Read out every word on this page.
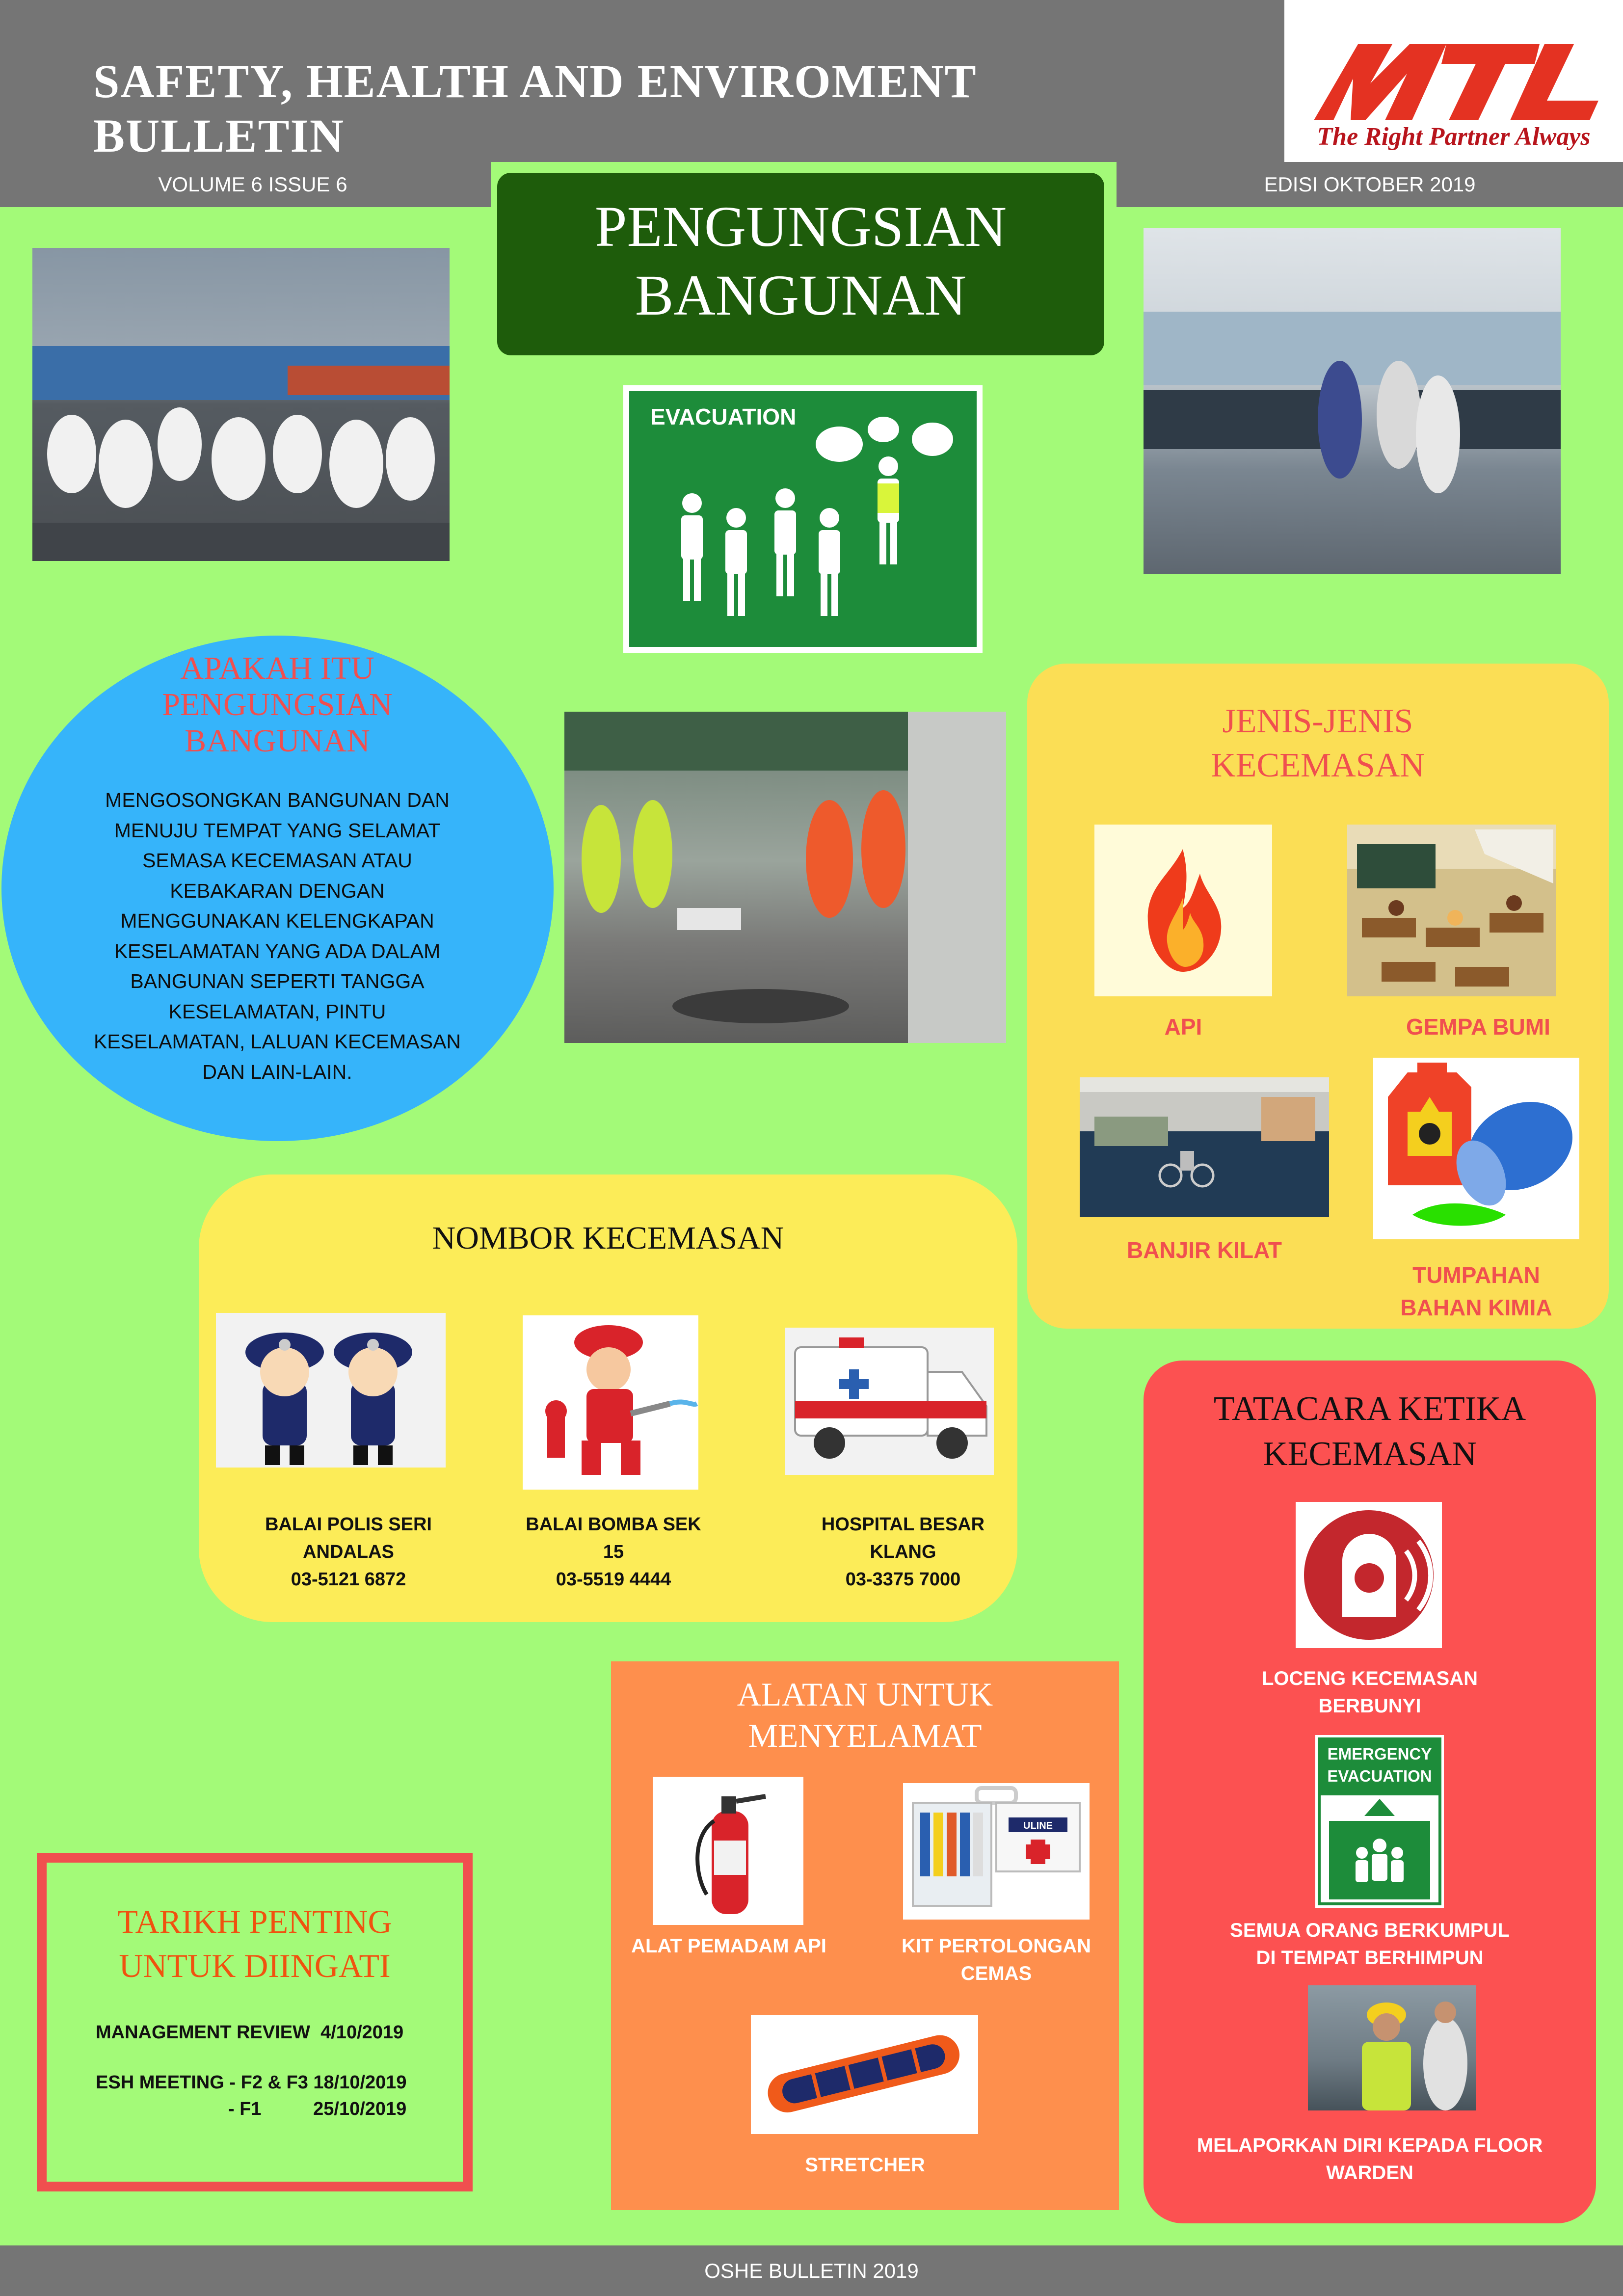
SAFETY, HEALTH AND ENVIROMENT BULLETIN	The Right Partner Always
VOLUME 6 ISSUE 6	EDISI OKTOBER 2019
PENGUNGSIAN
BANGUNAN
EVACUATION
APAKAH ITU
PENGUNGSIAN
BANGUNAN
MENGOSONGKAN BANGUNAN DAN
MENUJU TEMPAT YANG SELAMAT
SEMASA KECEMASAN ATAU
KEBAKARAN DENGAN
MENGGUNAKAN KELENGKAPAN
KESELAMATAN YANG ADA DALAM
BANGUNAN SEPERTI TANGGA
KESELAMATAN, PINTU
KESELAMATAN, LALUAN KECEMASAN
DAN LAIN-LAIN.
JENIS-JENIS
KECEMASAN
API	GEMPA BUMI
BANJIR KILAT
TUMPAHAN
BAHAN KIMIA
NOMBOR KECEMASAN
BALAI POLIS SERI
ANDALAS
03-5121 6872
BALAI BOMBA SEK
15
03-5519 4444
HOSPITAL BESAR
KLANG
03-3375 7000
TATACARA KETIKA
KECEMASAN
LOCENG KECEMASAN
BERBUNYI
EMERGENCY
EVACUATION
SEMUA ORANG BERKUMPUL
DI TEMPAT BERHIMPUN
MELAPORKAN DIRI KEPADA FLOOR
WARDEN
ALATAN UNTUK
MENYELAMAT
ULINE
ALAT PEMADAM API	KIT PERTOLONGAN
CEMAS
STRETCHER
TARIKH PENTING
UNTUK DIINGATI
MANAGEMENT REVIEW  4/10/2019
ESH MEETING - F2 & F3 18/10/2019
- F1          25/10/2019
OSHE BULLETIN 2019
